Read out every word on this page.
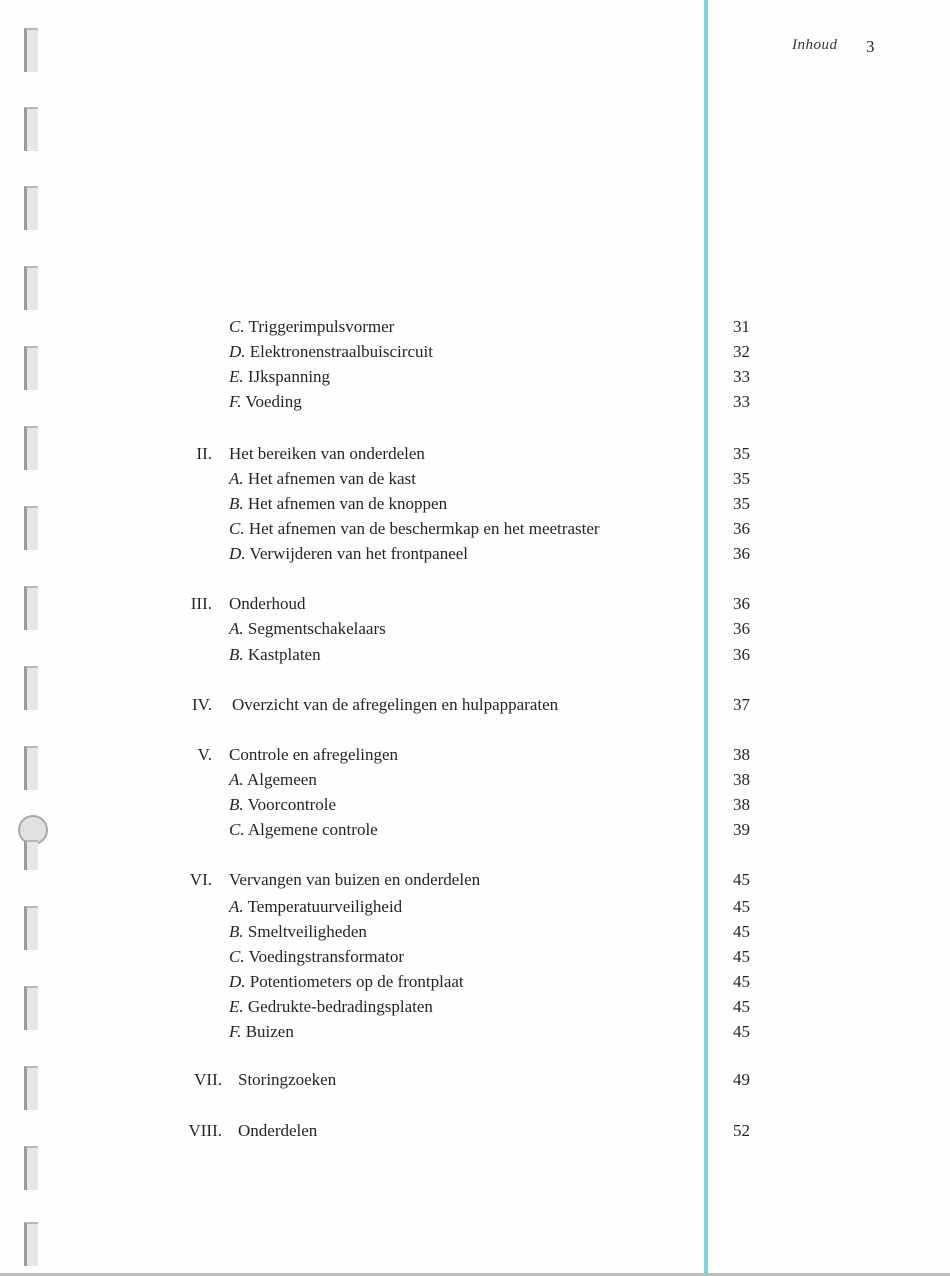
Inhoud 3
C. Triggerimpulsvormer	31
D. Elektronenstraalbuiscircuit	32
E. IJkspanning	33
F. Voeding	33
II. Het bereiken van onderdelen	35
A. Het afnemen van de kast	35
B. Het afnemen van de knoppen	35
C. Het afnemen van de beschermkap en het meetraster	36
D. Verwijderen van het frontpaneel	36
III. Onderhoud	36
A. Segmentschakelaars	36
B. Kastplaten	36
IV. Overzicht van de afregelingen en hulpapparaten	37
V. Controle en afregelingen	38
A. Algemeen	38
B. Voorcontrole	38
C. Algemene controle	39
VI. Vervangen van buizen en onderdelen	45
A. Temperatuurveiligheid	45
B. Smeltveiligheden	45
C. Voedingstransformator	45
D. Potentiometers op de frontplaat	45
E. Gedrukte-bedradingsplaten	45
F. Buizen	45
VII. Storingzoeken	49
VIII. Onderdelen	52
